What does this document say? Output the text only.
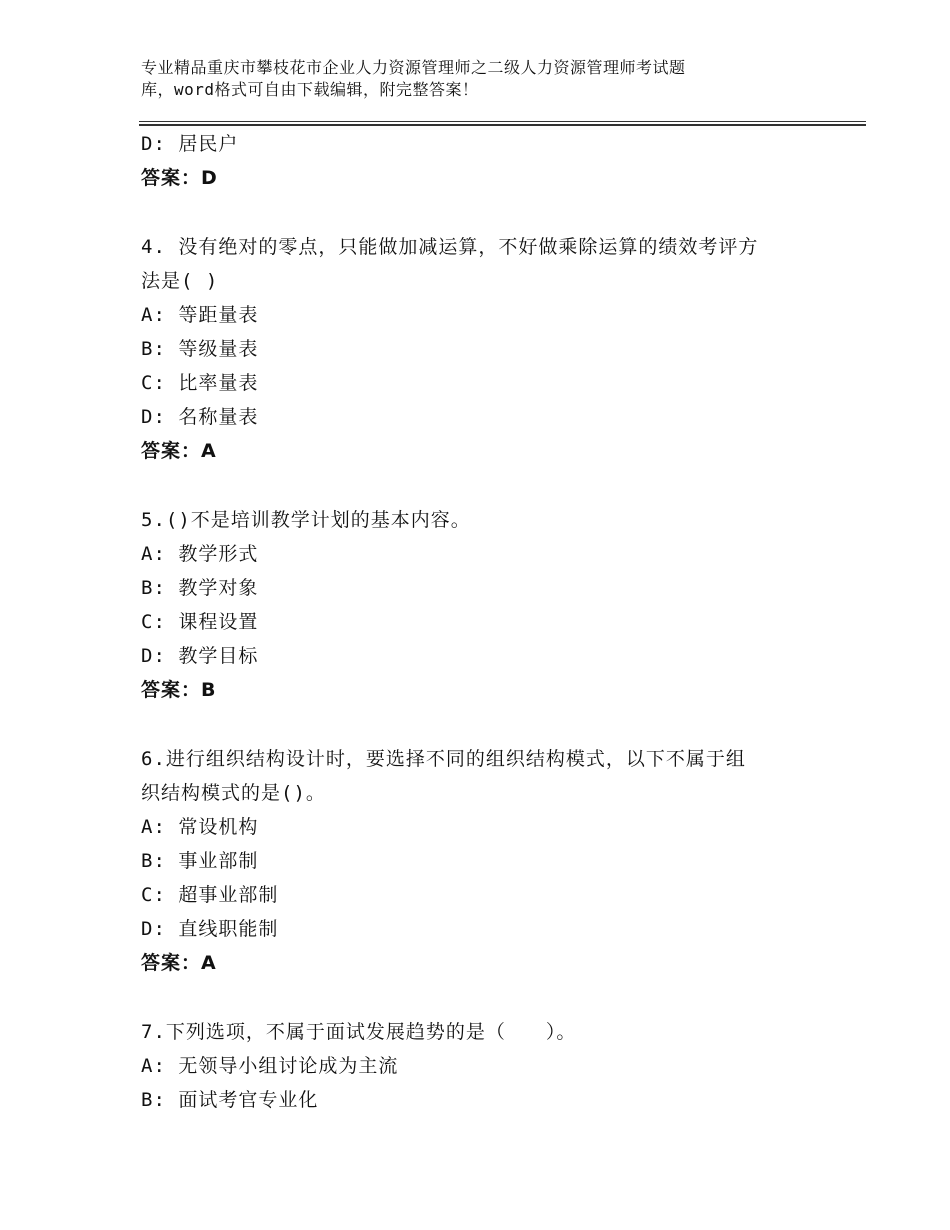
专业精品重庆市攀枝花市企业人力资源管理师之二级人力资源管理师考试题
库，word格式可自由下载编辑，附完整答案！
D: 居民户
答案：D
4. 没有绝对的零点，只能做加减运算，不好做乘除运算的绩效考评方
法是( )
A: 等距量表
B: 等级量表
C: 比率量表
D: 名称量表
答案：A
5.()不是培训教学计划的基本内容。
A: 教学形式
B: 教学对象
C: 课程设置
D: 教学目标
答案：B
6.进行组织结构设计时，要选择不同的组织结构模式，以下不属于组
织结构模式的是()。
A: 常设机构
B: 事业部制
C: 超事业部制
D: 直线职能制
答案：A
7.下列选项，不属于面试发展趋势的是（　　）。
A: 无领导小组讨论成为主流
B: 面试考官专业化
